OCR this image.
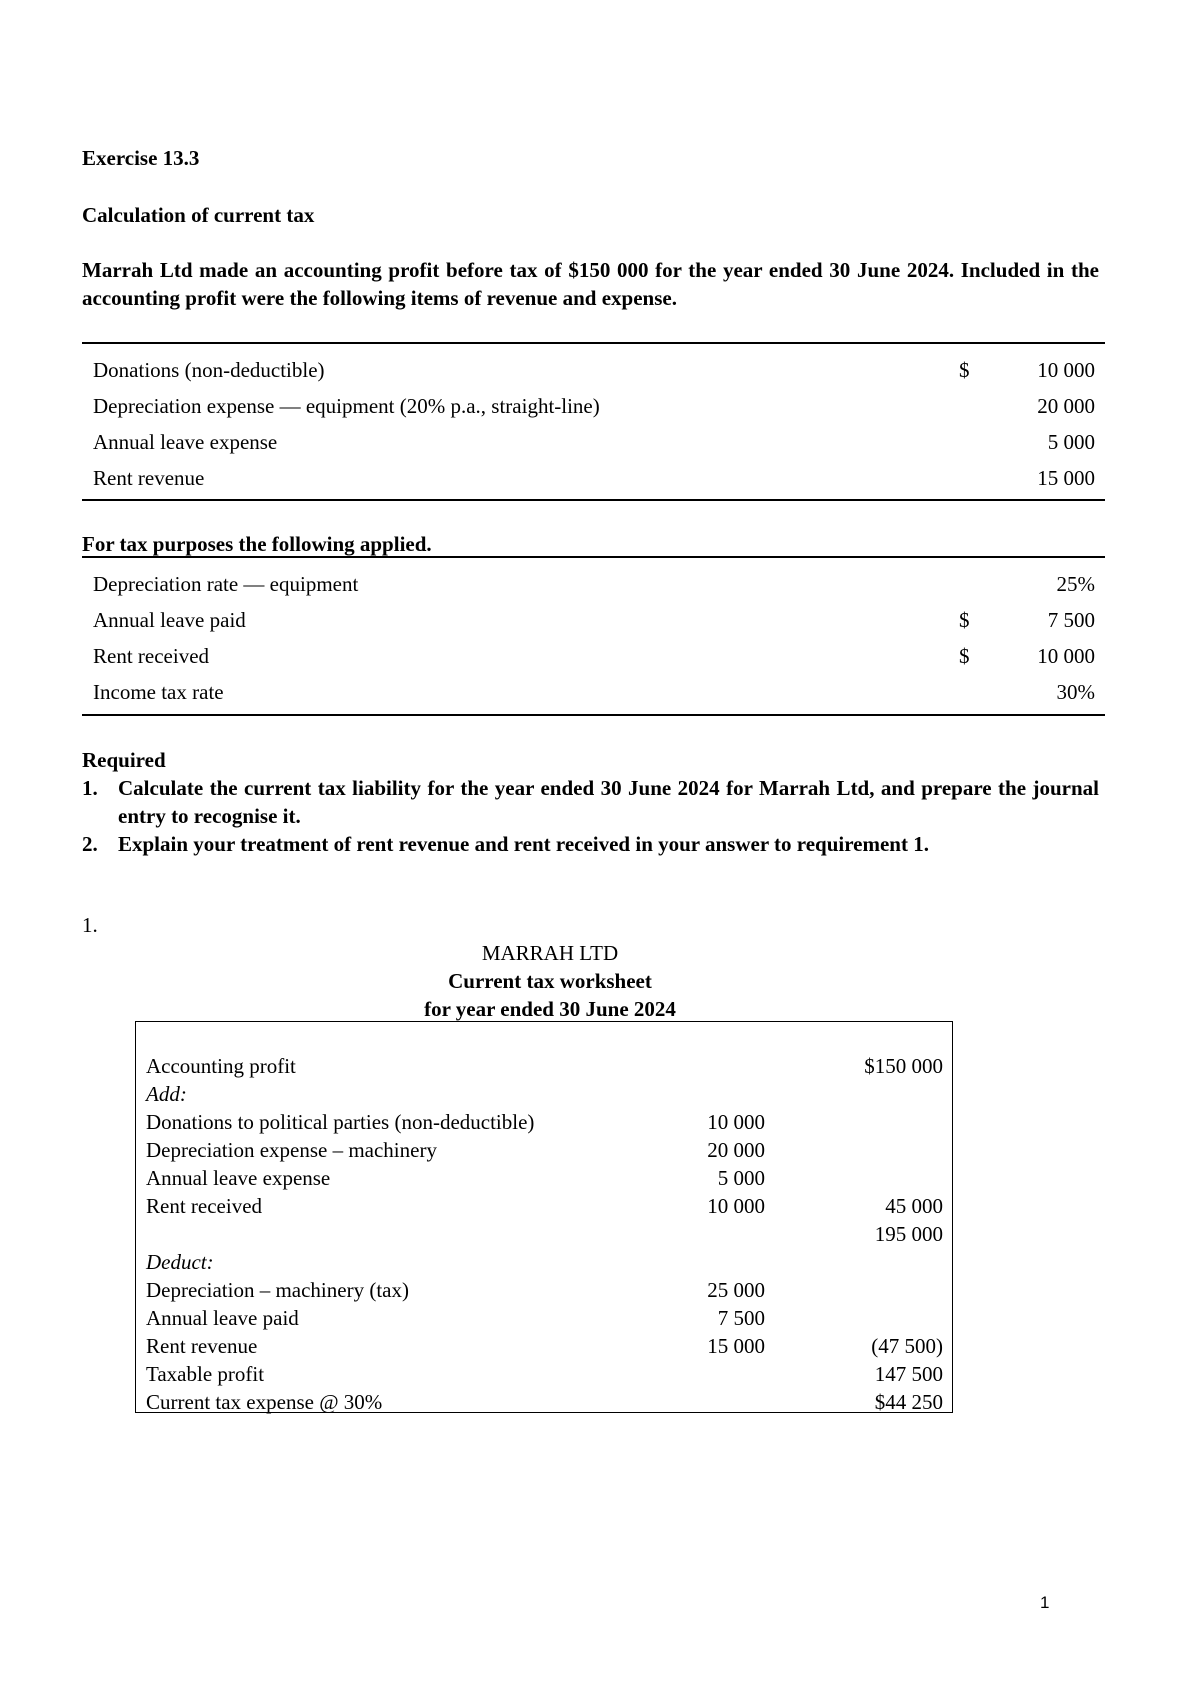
Exercise 13.3
Calculation of current tax
Marrah Ltd made an accounting profit before tax of $150 000 for the year ended 30 June 2024. Included in the accounting profit were the following items of revenue and expense.
Donations (non-deductible)	$	10 000
Depreciation expense — equipment (20% p.a., straight-line)	20 000
Annual leave expense	5 000
Rent revenue	15 000
For tax purposes the following applied.
Depreciation rate — equipment	25%
Annual leave paid	$	7 500
Rent received	$	10 000
Income tax rate	30%
Required
1. Calculate the current tax liability for the year ended 30 June 2024 for Marrah Ltd, and prepare the journal entry to recognise it.
2. Explain your treatment of rent revenue and rent received in your answer to requirement 1.
1.
MARRAH LTD
Current tax worksheet
for year ended 30 June 2024
Accounting profit	$150 000
Add:
Donations to political parties (non-deductible)	10 000
Depreciation expense – machinery	20 000
Annual leave expense	5 000
Rent received	10 000	45 000
195 000
Deduct:
Depreciation – machinery (tax)	25 000
Annual leave paid	7 500
Rent revenue	15 000	(47 500)
Taxable profit	147 500
Current tax expense @ 30%	$44 250
1
